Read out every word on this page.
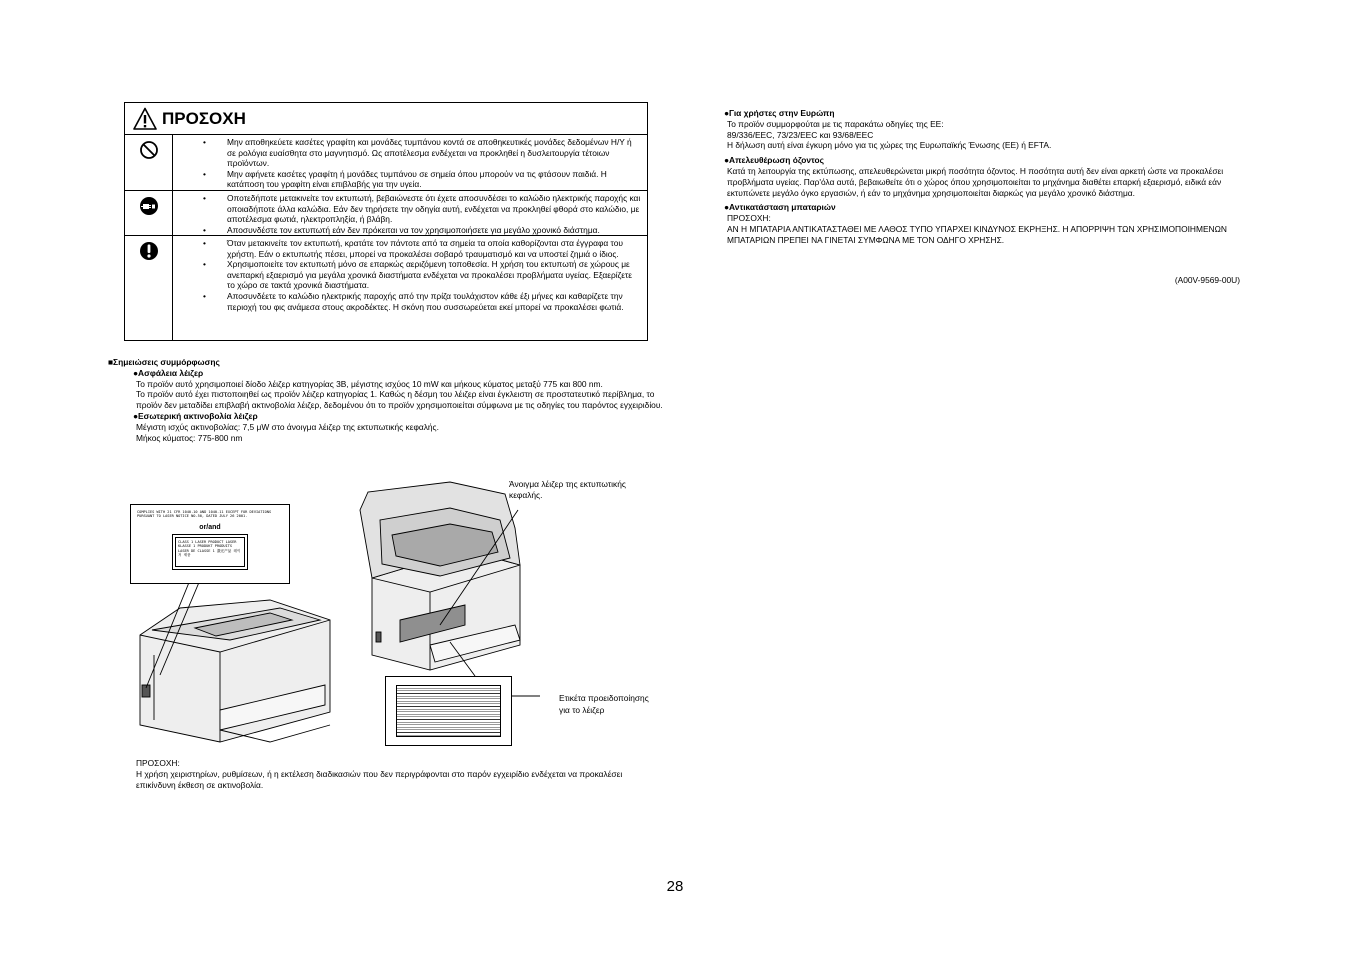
ΠΡΟΣΟΧΗ
• Μην αποθηκεύετε κασέτες γραφίτη και μονάδες τυμπάνου κοντά σε αποθηκευτικές μονάδες δεδομένων Η/Υ ή σε ρολόγια ευαίσθητα στο μαγνητισμό. Ως αποτέλεσμα ενδέχεται να προκληθεί η δυσλειτουργία τέτοιων προϊόντων.
• Μην αφήνετε κασέτες γραφίτη ή μονάδες τυμπάνου σε σημεία όπου μπορούν να τις φτάσουν παιδιά. Η κατάποση του γραφίτη είναι επιβλαβής για την υγεία.
• Οποτεδήποτε μετακινείτε τον εκτυπωτή, βεβαιώνεστε ότι έχετε αποσυνδέσει το καλώδιο ηλεκτρικής παροχής και οποιαδήποτε άλλα καλώδια. Εάν δεν τηρήσετε την οδηγία αυτή, ενδέχεται να προκληθεί φθορά στο καλώδιο, με αποτέλεσμα φωτιά, ηλεκτροπληξία, ή βλάβη.
• Αποσυνδέστε τον εκτυπωτή εάν δεν πρόκειται να τον χρησιμοποιήσετε για μεγάλο χρονικό διάστημα.
• Όταν μετακινείτε τον εκτυπωτή, κρατάτε τον πάντοτε από τα σημεία τα οποία καθορίζονται στα έγγραφα του χρήστη. Εάν ο εκτυπωτής πέσει, μπορεί να προκαλέσει σοβαρό τραυματισμό και να υποστεί ζημιά ο ίδιος.
• Χρησιμοποιείτε τον εκτυπωτή μόνο σε επαρκώς αεριζόμενη τοποθεσία. Η χρήση του εκτυπωτή σε χώρους με ανεπαρκή εξαερισμό για μεγάλα χρονικά διαστήματα ενδέχεται να προκαλέσει προβλήματα υγείας. Εξαερίζετε το χώρο σε τακτά χρονικά διαστήματα.
• Αποσυνδέετε το καλώδιο ηλεκτρικής παροχής από την πρίζα τουλάχιστον κάθε έξι μήνες και καθαρίζετε την περιοχή του φις ανάμεσα στους ακροδέκτες. Η σκόνη που συσσωρεύεται εκεί μπορεί να προκαλέσει φωτιά.
■Σημειώσεις συμμόρφωσης
●Ασφάλεια λέιζερ
Το προϊόν αυτό χρησιμοποιεί δίοδο λέιζερ κατηγορίας 3B, μέγιστης ισχύος 10 mW και μήκους κύματος μεταξύ 775 και 800 nm.
Το προϊόν αυτό έχει πιστοποιηθεί ως προϊόν λέιζερ κατηγορίας 1. Καθώς η δέσμη του λέιζερ είναι έγκλειστη σε προστατευτικό περίβλημα, το προϊόν δεν μεταδίδει επιβλαβή ακτινοβολία λέιζερ, δεδομένου ότι το προϊόν χρησιμοποιείται σύμφωνα με τις οδηγίες του παρόντος εγχειριδίου.
●Εσωτερική ακτινοβολία λέιζερ
Μέγιστη ισχύς ακτινοβολίας: 7,5 μW στο άνοιγμα λέιζερ της εκτυπωτικής κεφαλής.
Μήκος κύματος: 775-800 nm
COMPLIES WITH 21 CFR 1040.10 AND 1040.11 EXCEPT FOR DEVIATIONS PURSUANT TO LASER NOTICE NO.50, DATED JULY 26 2001.
or/and
CLASS 1 LASER PRODUCT LASER KLASSE 1 PRODUKT PRODUITS LASER DE CLASSE 1 激光产品 레이저 제품
Άνοιγμα λέιζερ της εκτυπωτικής κεφαλής.
Ετικέτα προειδοποίησης για το λέιζερ
ΠΡΟΣΟΧΗ:
Η χρήση χειριστηρίων, ρυθμίσεων, ή η εκτέλεση διαδικασιών που δεν περιγράφονται στο παρόν εγχειρίδιο ενδέχεται να προκαλέσει επικίνδυνη έκθεση σε ακτινοβολία.
●Για χρήστες στην Ευρώπη
Το προϊόν συμμορφούται με τις παρακάτω οδηγίες της ΕΕ:
89/336/EEC, 73/23/EEC και 93/68/EEC
Η δήλωση αυτή είναι έγκυρη μόνο για τις χώρες της Ευρωπαϊκής Ένωσης (ΕΕ) ή EFTA.
●Απελευθέρωση όζοντος
Κατά τη λειτουργία της εκτύπωσης, απελευθερώνεται μικρή ποσότητα όζοντος. Η ποσότητα αυτή δεν είναι αρκετή ώστε να προκαλέσει προβλήματα υγείας. Παρ'όλα αυτά, βεβαιωθείτε ότι ο χώρος όπου χρησιμοποιείται το μηχάνημα διαθέτει επαρκή εξαερισμό, ειδικά εάν εκτυπώνετε μεγάλο όγκο εργασιών, ή εάν το μηχάνημα χρησιμοποιείται διαρκώς για μεγάλο χρονικό διάστημα.
●Αντικατάσταση μπαταριών
ΠΡΟΣΟΧΗ:
ΑΝ Η ΜΠΑΤΑΡΙΑ ΑΝΤΙΚΑΤΑΣΤΑΘΕΙ ΜΕ ΛΑΘΟΣ ΤΥΠΟ ΥΠΑΡΧΕΙ ΚΙΝΔΥΝΟΣ ΕΚΡΗΞΗΣ. Η ΑΠΟΡΡΙΨΗ ΤΩΝ ΧΡΗΣΙΜΟΠΟΙΗΜΕΝΩΝ ΜΠΑΤΑΡΙΩΝ ΠΡΕΠΕΙ ΝΑ ΓΙΝΕΤΑΙ ΣΥΜΦΩΝΑ ΜΕ ΤΟΝ ΟΔΗΓΟ ΧΡΗΣΗΣ.
(A00V-9569-00U)
28
